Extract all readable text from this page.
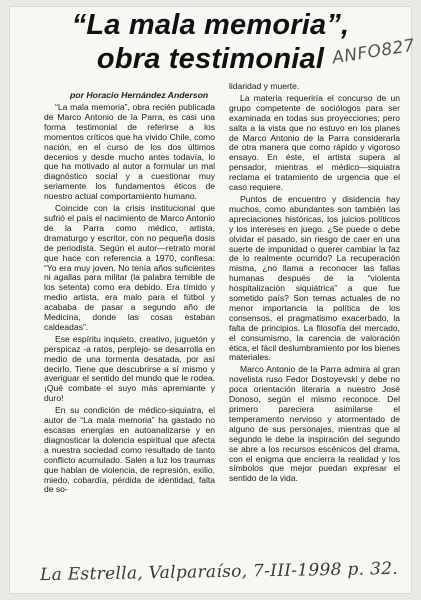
“La mala memoria”,
obra testimonial ANFO827
por Horacio Hernández Anderson

“La mala memoria”, obra recién publicada de Marco Antonio de la Parra, es casi una forma testimonial de referirse a los momentos críticos que ha vivido Chile, como nación, en el curso de los dos últimos decenios y desde mucho antes todavía, lo que ha motivado al autor a formular un mal diagnóstico social y a cuestionar muy seriamente los fundamentos éticos de nuestro actual comportamiento humano.

Coincide con la crisis institucional que sufrió el país el nacimiento de Marco Antonio de la Parra como médico, artista, dramaturgo y escritor, con no pequeña dosis de periodista. Según el autor—retrato moral que hace con referencia a 1970, confiesa: “Yo era muy joven. No tenía años suficientes ni agallas para militar (la palabra temible de los setenta) como era debido. Era tímido y medio artista, era malo para el fútbol y acababa de pasar a segundo año de Medicina, donde las cosas estaban caldeadas”.

Ese espíritu inquieto, creativo, juguetón y perspicaz -a ratos, perplejo- se desarrolla en medio de una tormenta desatada, por así decirlo. Tiene que descubrirse a sí mismo y averiguar el sentido del mundo que le rodea. ¡Qué combate el suyo más apremiante y duro!

En su condición de médico-siquiatra, el autor de “La mala memoria” ha gastado no escasas energías en autoanalizarse y en diagnosticar la dolencia espiritual que afecta a nuestra sociedad como resultado de tanto conflicto acumulado. Salen a luz los traumas que hablan de violencia, de represión, exilio, miedo, cobardía, pérdida de identidad, falta de so-

lidaridad y muerte.

La materia requeriría el concurso de un grupo competente de sociólogos para ser examinada en todas sus proyecciones; pero salta a la vista que no estuvo en los planes de Marco Antonio de la Parra considerarla de otra manera que como rápido y vigoroso ensayo. En éste, el artista supera al pensador, mientras el médico—siquiatra reclama el tratamiento de urgencia que el caso requiere.

Puntos de encuentro y disidencia hay muchos, como abundantes son también las apreciaciones históricas, los juicios políticos y los intereses en juego. ¿Se puede o debe olvidar el pasado, sin riesgo de caer en una suerte de impunidad o querer cambiar la faz de lo realmente ocurrido? La recuperación misma, ¿no llama a reconocer las fallas humanas después de la “violenta hospitalización siquiátrica” a que fue sometido país? Son temas actuales de no menor importancia la política de los consensos, el pragmatismo exacerbado, la falta de principios. La filosofía del mercado, el consumismo, la carencia de valoración ética, el fácil deslumbramiento por los bienes materiales.

Marco Antonio de la Parra admira al gran novelista ruso Fedor Dostoyevski y debe no poca orientación literaria a nuestro José Donoso, según el mismo reconoce. Del primero pareciera asimilarse el temperamento nervioso y atormentado de alguno de sus personajes, mientras que al segundo le debe la inspiración del segundo se abre a los recursos escénicos del drama, con el enigma que encierra la realidad y los símbolos que mejor puedan expresar el sentido de la vida.

La Estrella, Valparaíso, 7-III-1998 p. 32.
